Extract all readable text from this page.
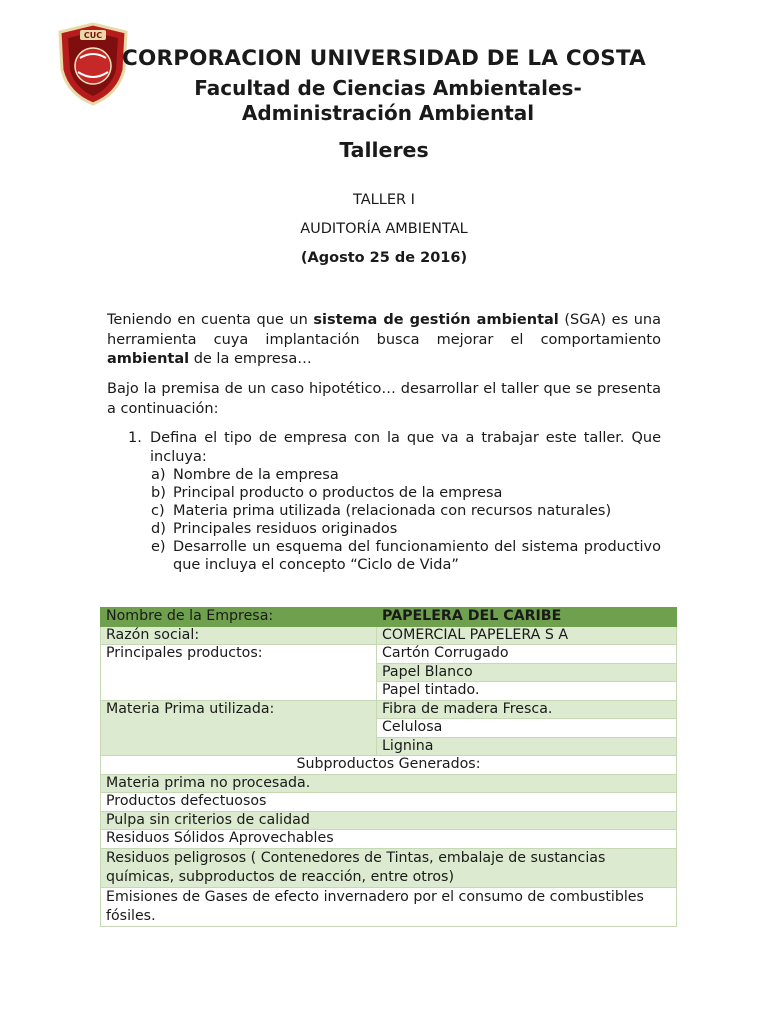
CUC
CORPORACION UNIVERSIDAD DE LA COSTA
Facultad de Ciencias Ambientales-
Administración Ambiental
Talleres
TALLER I
AUDITORÍA AMBIENTAL
(Agosto 25 de 2016)
Teniendo en cuenta que un sistema de gestión ambiental (SGA) es una herramienta cuya implantación busca mejorar el comportamiento ambiental de la empresa…
Bajo la premisa de un caso hipotético… desarrollar el taller que se presenta a continuación:
1. Defina el tipo de empresa con la que va a trabajar este taller. Que incluya:
a) Nombre de la empresa
b) Principal producto o productos de la empresa
c) Materia prima utilizada (relacionada con recursos naturales)
d) Principales residuos originados
e) Desarrolle un esquema del funcionamiento del sistema productivo que incluya el concepto “Ciclo de Vida”
Nombre de la Empresa:	PAPELERA DEL CARIBE
Razón social:	COMERCIAL PAPELERA S A
Principales productos:	Cartón Corrugado
	Papel Blanco
	Papel tintado.
Materia Prima utilizada:	Fibra de madera Fresca.
	Celulosa
	Lignina
Subproductos Generados:	
Materia prima no procesada.	
Productos defectuosos	
Pulpa sin criterios de calidad	
Residuos Sólidos Aprovechables	
Residuos peligrosos ( Contenedores de Tintas, embalaje de sustancias químicas, subproductos de reacción, entre otros)	
Emisiones de Gases de efecto invernadero por el consumo de combustibles fósiles.	
